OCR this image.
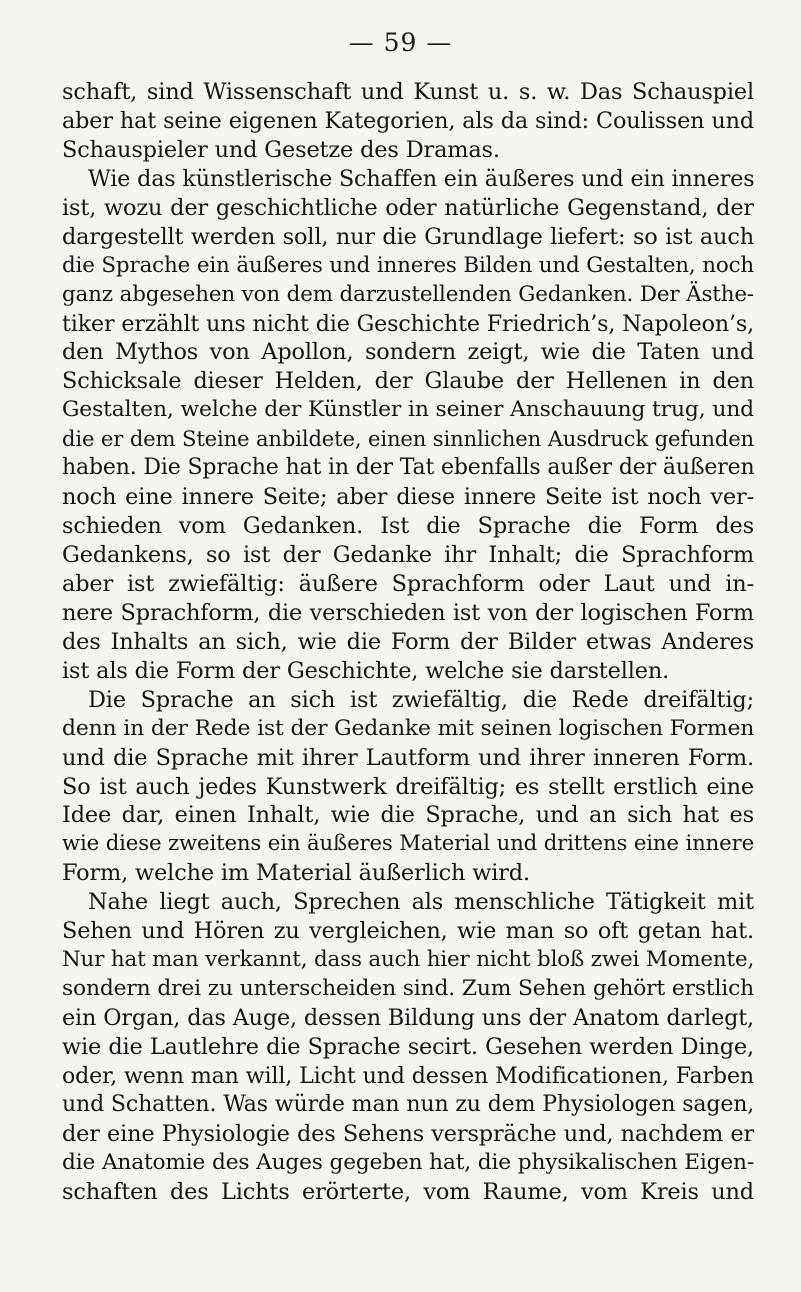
— 59 —
schaft, sind Wissenschaft und Kunst u. s. w. Das Schauspiel
aber hat seine eigenen Kategorien, als da sind: Coulissen und
Schauspieler und Gesetze des Dramas.
Wie das künstlerische Schaffen ein äußeres und ein inneres
ist, wozu der geschichtliche oder natürliche Gegenstand, der
dargestellt werden soll, nur die Grundlage liefert: so ist auch
die Sprache ein äußeres und inneres Bilden und Gestalten, noch
ganz abgesehen von dem darzustellenden Gedanken. Der Ästhe-
tiker erzählt uns nicht die Geschichte Friedrich’s, Napoleon’s,
den Mythos von Apollon, sondern zeigt, wie die Taten und
Schicksale dieser Helden, der Glaube der Hellenen in den
Gestalten, welche der Künstler in seiner Anschauung trug, und
die er dem Steine anbildete, einen sinnlichen Ausdruck gefunden
haben. Die Sprache hat in der Tat ebenfalls außer der äußeren
noch eine innere Seite; aber diese innere Seite ist noch ver-
schieden vom Gedanken. Ist die Sprache die Form des
Gedankens, so ist der Gedanke ihr Inhalt; die Sprachform
aber ist zwiefältig: äußere Sprachform oder Laut und in-
nere Sprachform, die verschieden ist von der logischen Form
des Inhalts an sich, wie die Form der Bilder etwas Anderes
ist als die Form der Geschichte, welche sie darstellen.
Die Sprache an sich ist zwiefältig, die Rede dreifältig;
denn in der Rede ist der Gedanke mit seinen logischen Formen
und die Sprache mit ihrer Lautform und ihrer inneren Form.
So ist auch jedes Kunstwerk dreifältig; es stellt erstlich eine
Idee dar, einen Inhalt, wie die Sprache, und an sich hat es
wie diese zweitens ein äußeres Material und drittens eine innere
Form, welche im Material äußerlich wird.
Nahe liegt auch, Sprechen als menschliche Tätigkeit mit
Sehen und Hören zu vergleichen, wie man so oft getan hat.
Nur hat man verkannt, dass auch hier nicht bloß zwei Momente,
sondern drei zu unterscheiden sind. Zum Sehen gehört erstlich
ein Organ, das Auge, dessen Bildung uns der Anatom darlegt,
wie die Lautlehre die Sprache secirt. Gesehen werden Dinge,
oder, wenn man will, Licht und dessen Modificationen, Farben
und Schatten. Was würde man nun zu dem Physiologen sagen,
der eine Physiologie des Sehens verspräche und, nachdem er
die Anatomie des Auges gegeben hat, die physikalischen Eigen-
schaften des Lichts erörterte, vom Raume, vom Kreis und
